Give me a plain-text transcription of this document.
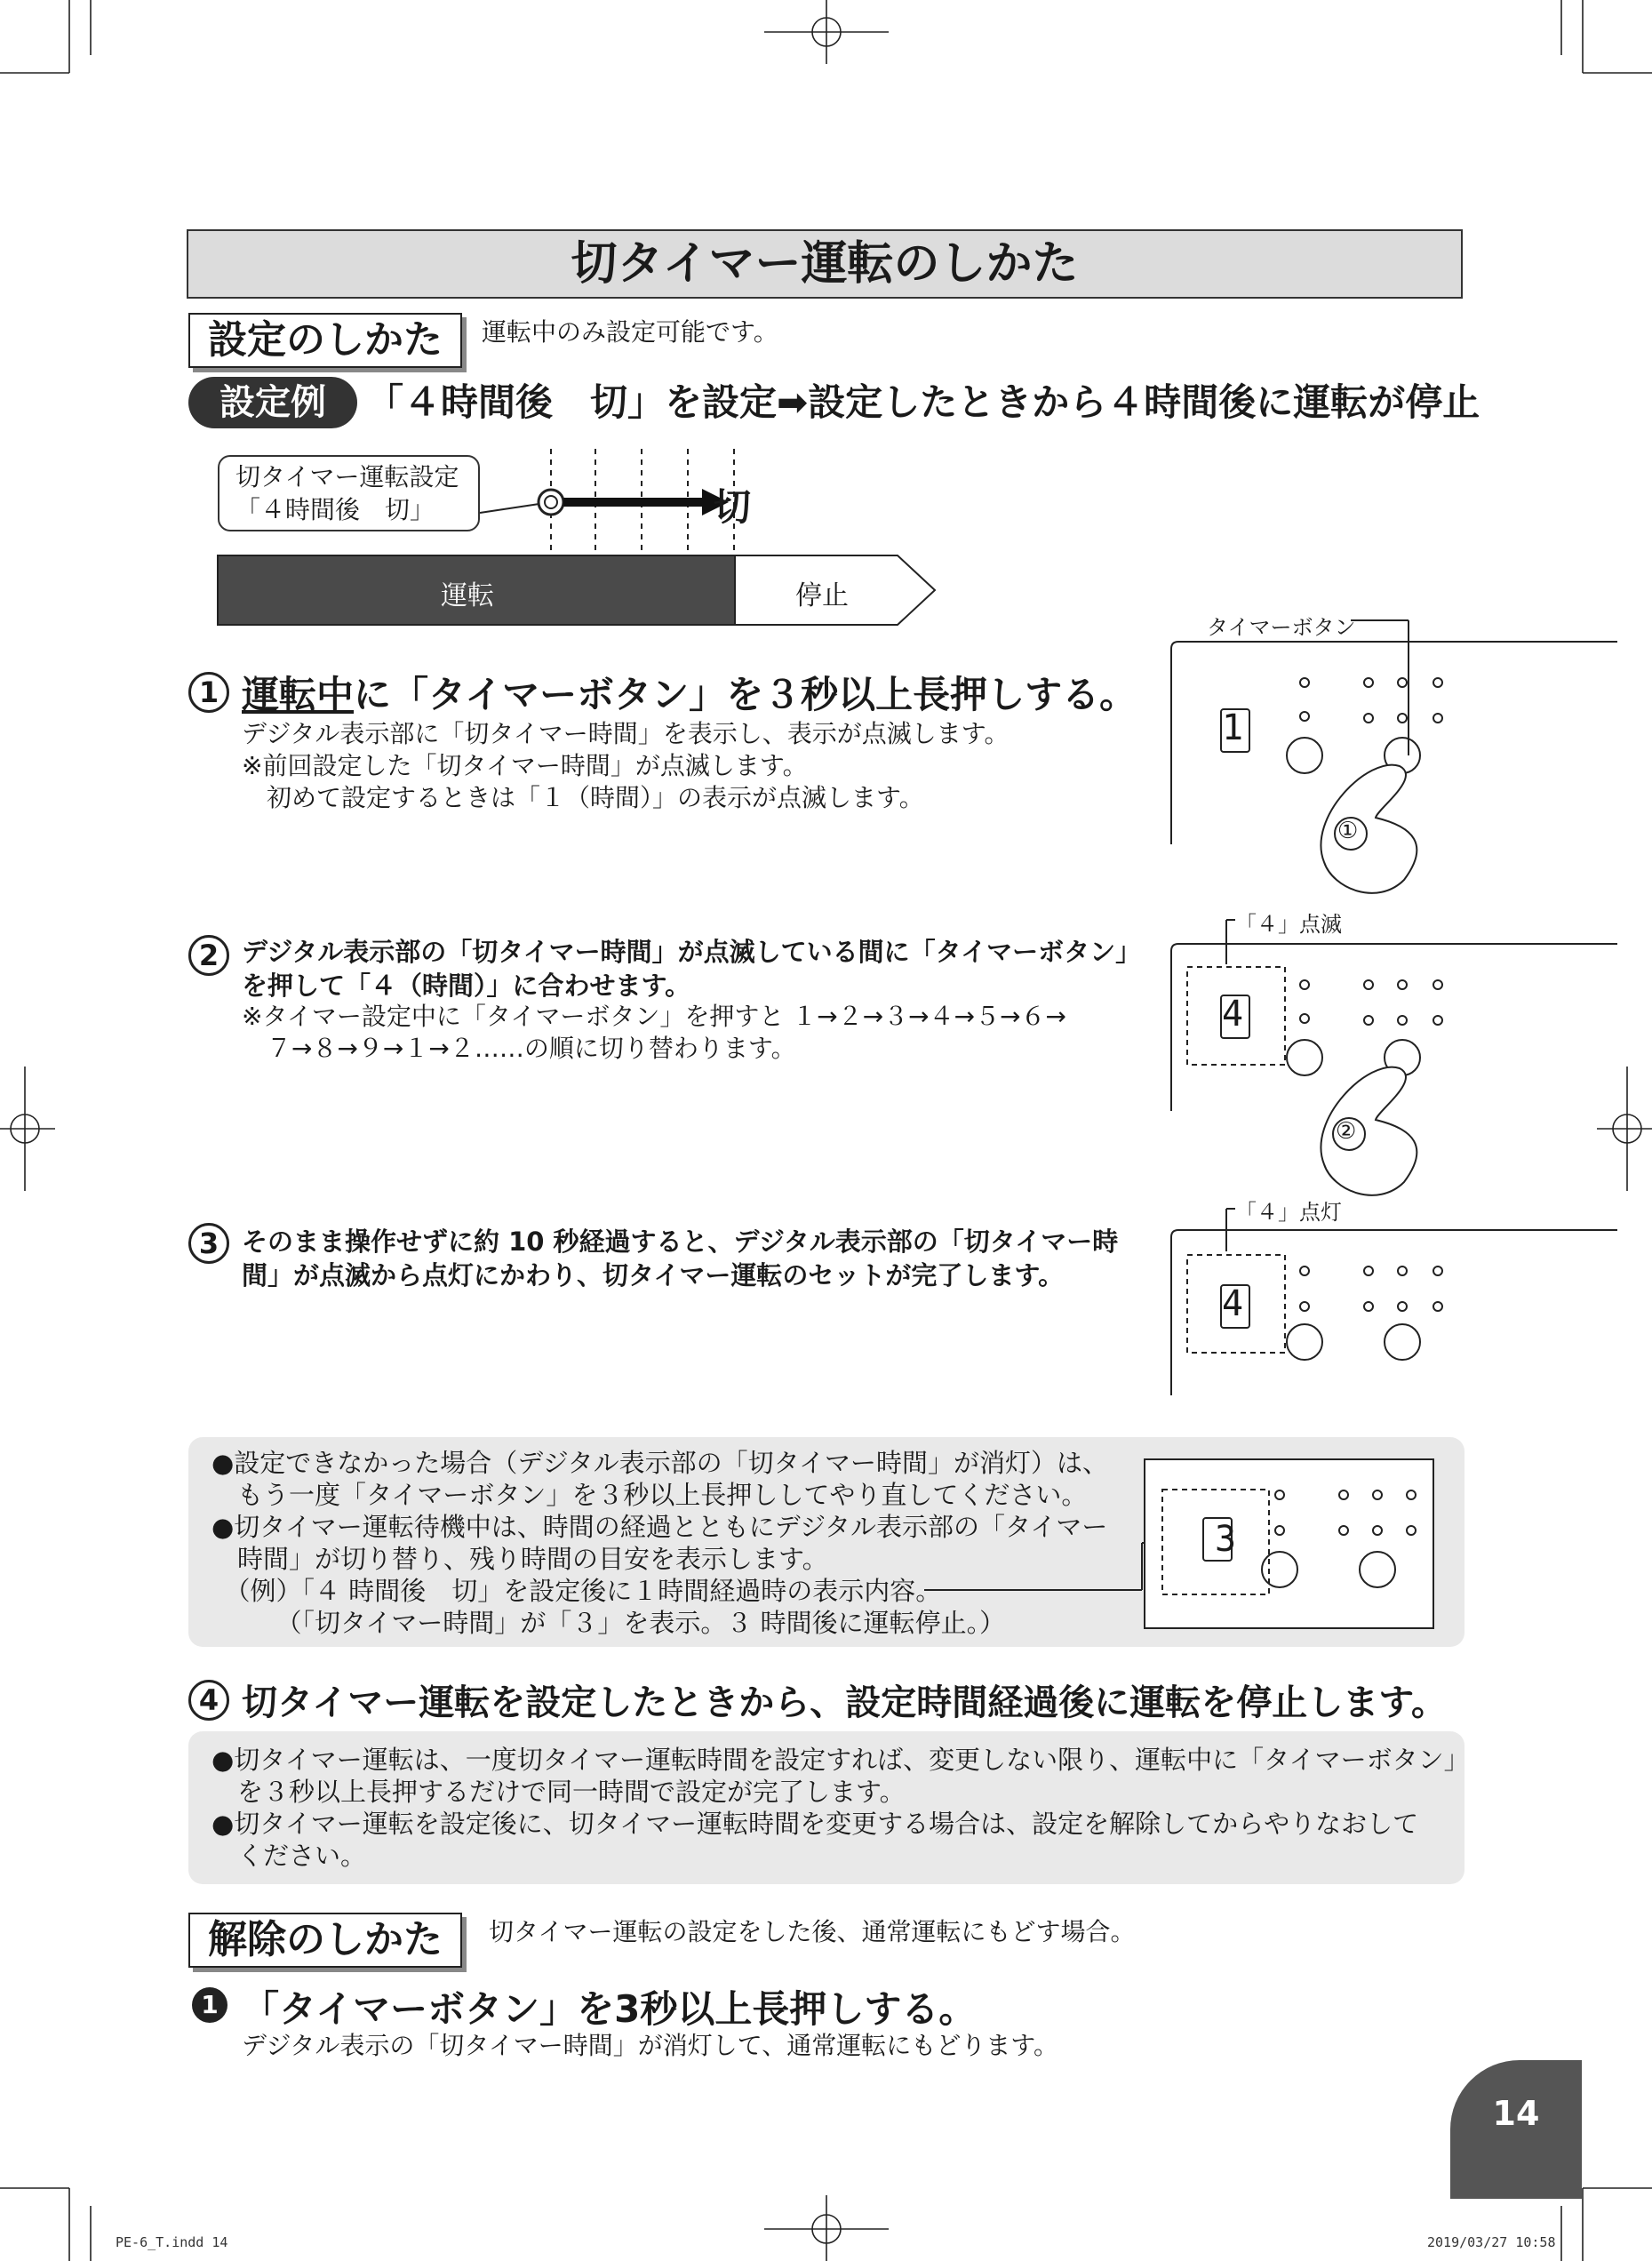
切タイマー運転のしかた
設定のしかた	運転中のみ設定可能です。
設定例	「４時間後　切」を設定➡設定したときから４時間後に運転が停止
切タイマー運転設定
「４時間後　切」	切
運転	停止
1 運転中に「タイマーボタン」を３秒以上長押しする。
デジタル表示部に「切タイマー時間」を表示し、表示が点滅します。
※前回設定した「切タイマー時間」が点滅します。
　初めて設定するときは「１（時間）」の表示が点滅します。
2 デジタル表示部の「切タイマー時間」が点滅している間に「タイマーボタン」
を押して「４（時間）」に合わせます。
※タイマー設定中に「タイマーボタン」を押すと １→２→３→４→５→６→
　７→８→９→１→２……の順に切り替わります。
3 そのまま操作せずに約 10 秒経過すると、デジタル表示部の「切タイマー時
間」が点滅から点灯にかわり、切タイマー運転のセットが完了します。
タイマーボタン
「４」点滅
「４」点灯
1
4
4
①
②
●設定できなかった場合（デジタル表示部の「切タイマー時間」が消灯）は、
　もう一度「タイマーボタン」を３秒以上長押ししてやり直してください。
●切タイマー運転待機中は、時間の経過とともにデジタル表示部の「タイマー
　時間」が切り替り、残り時間の目安を表示します。
　（例）「４ 時間後　切」を設定後に１時間経過時の表示内容。
　　　（「切タイマー時間」が「３」を表示。３ 時間後に運転停止。）
3
4 切タイマー運転を設定したときから、設定時間経過後に運転を停止します。
●切タイマー運転は、一度切タイマー運転時間を設定すれば、変更しない限り、運転中に「タイマーボタン」
　を３秒以上長押するだけで同一時間で設定が完了します。
●切タイマー運転を設定後に、切タイマー運転時間を変更する場合は、設定を解除してからやりなおして
　ください。
解除のしかた	切タイマー運転の設定をした後、通常運転にもどす場合。
1 「タイマーボタン」を3秒以上長押しする。
デジタル表示の「切タイマー時間」が消灯して、通常運転にもどります。
14
PE-6_T.indd 14	2019/03/27 10:58
